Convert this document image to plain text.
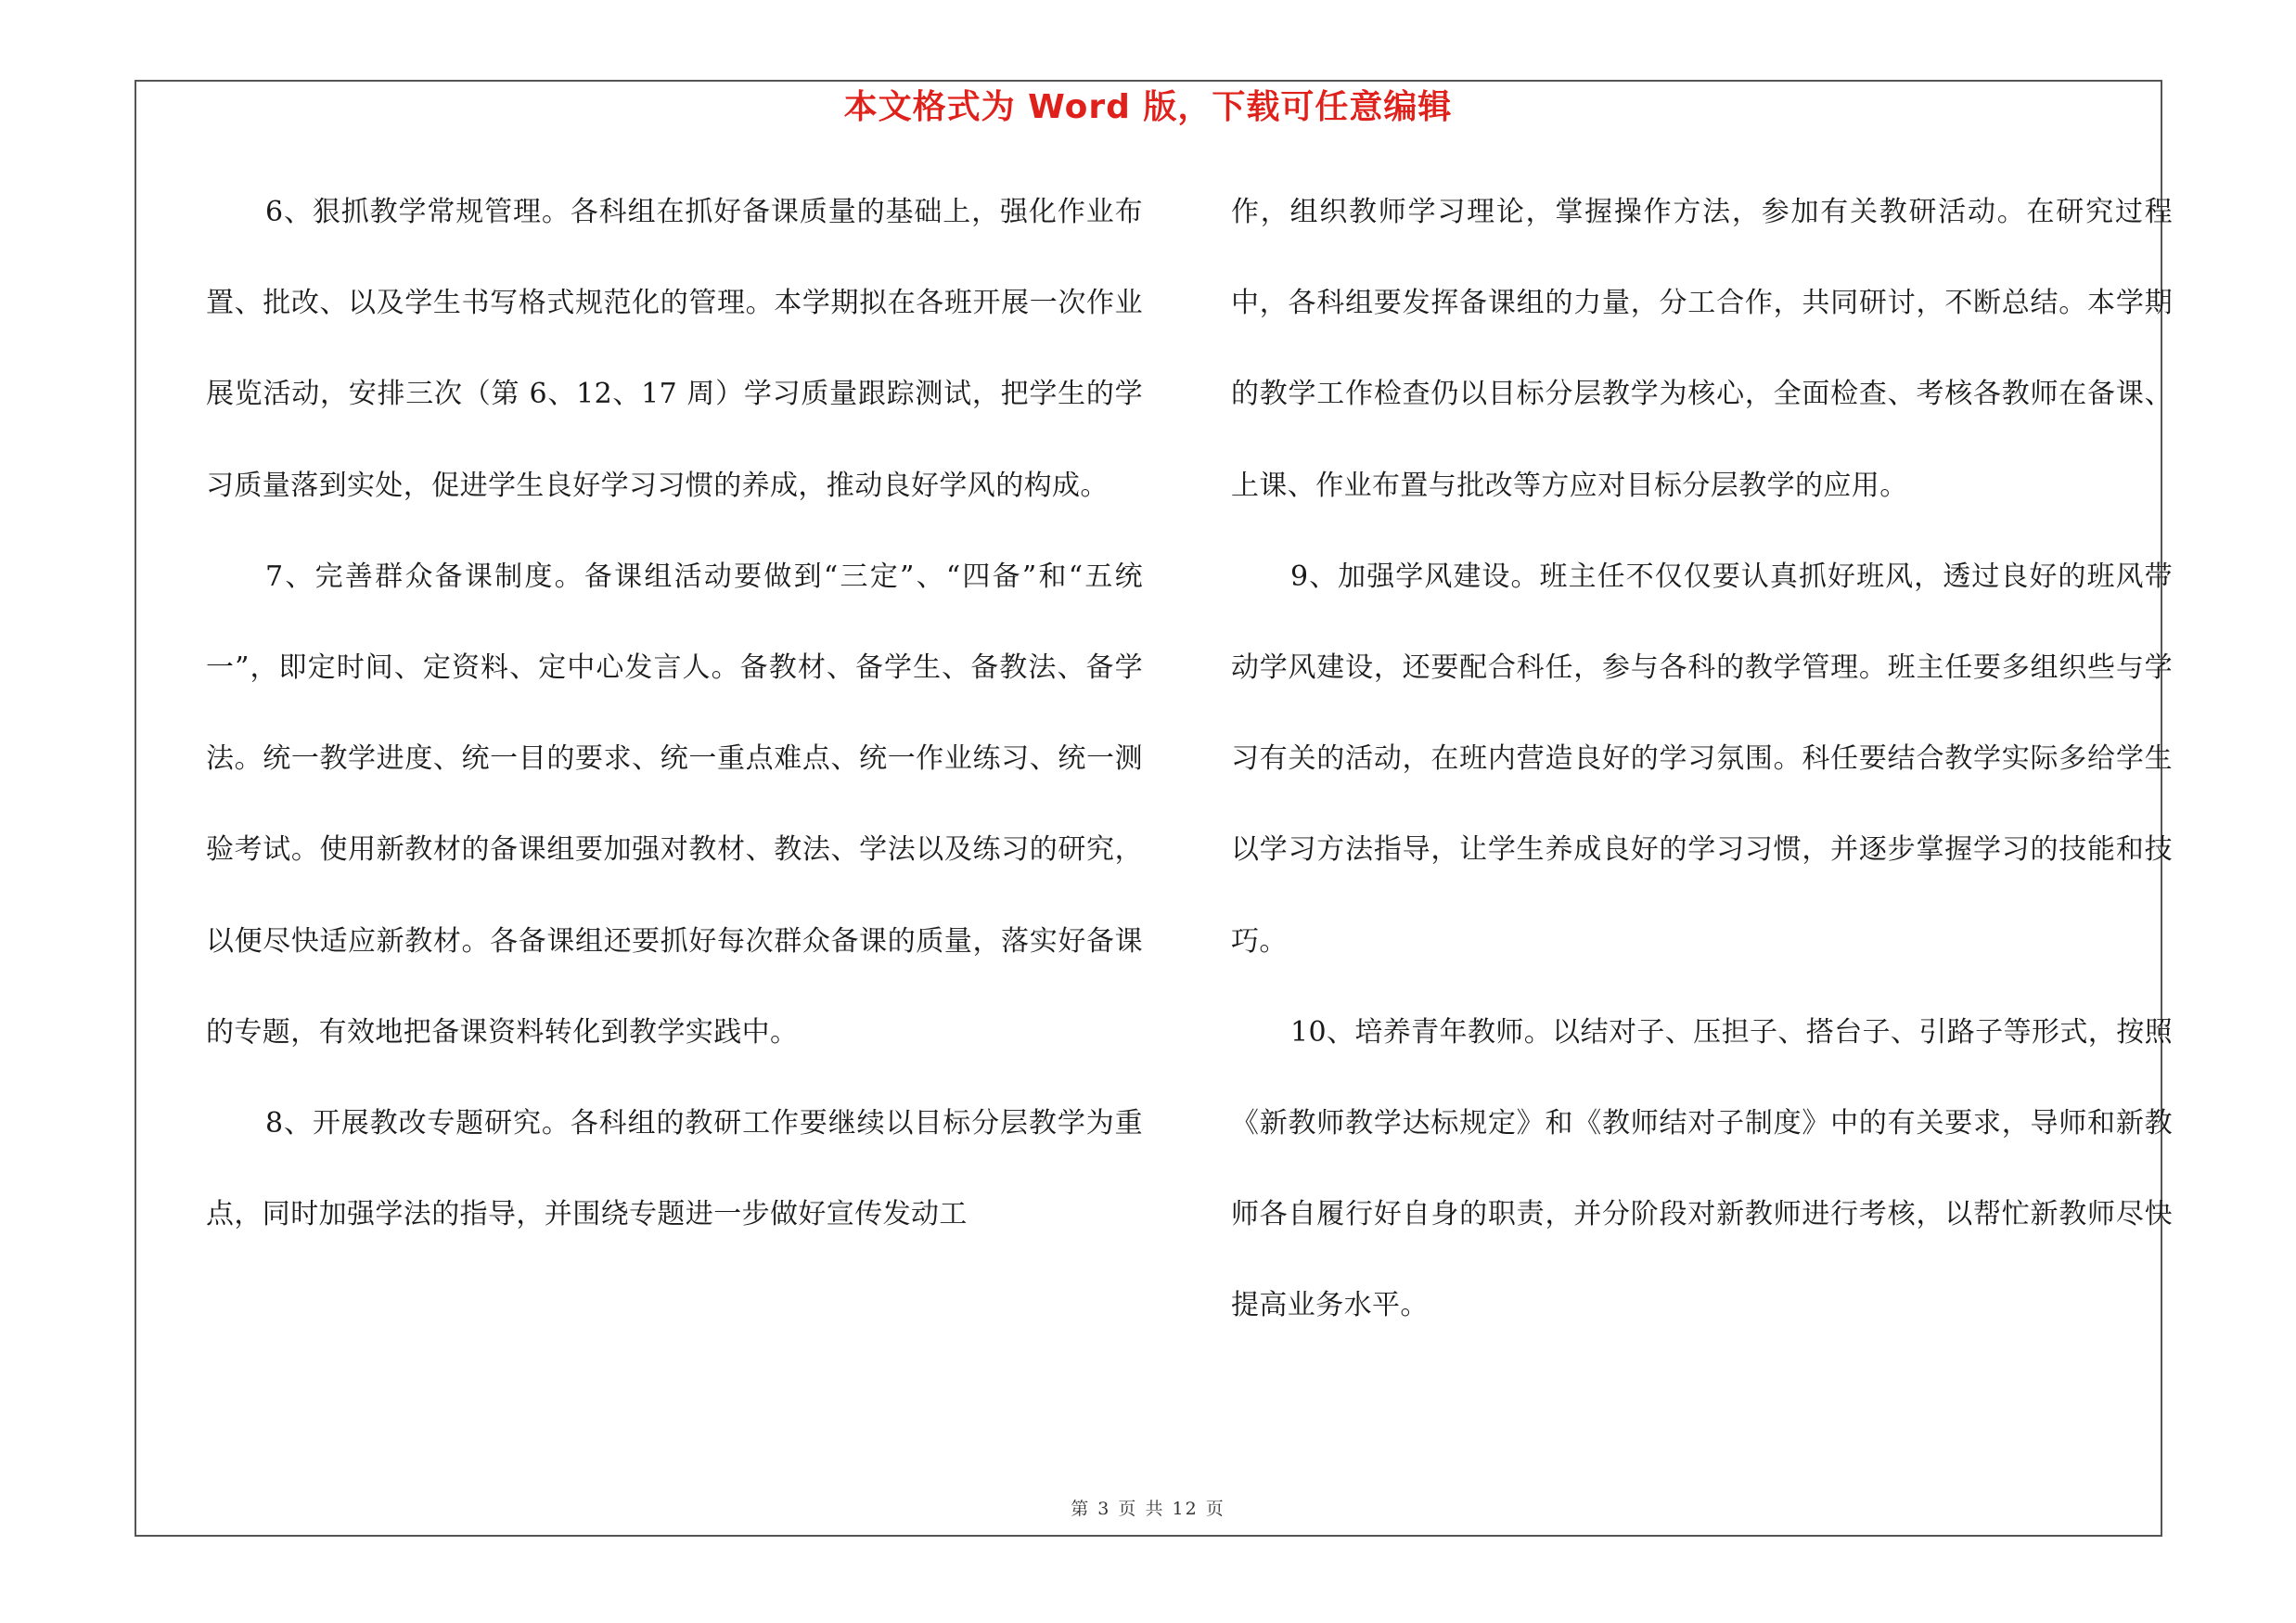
本文格式为 Word 版，下载可任意编辑

6、狠抓教学常规管理。各科组在抓好备课质量的基础上，强化作业布置、批改、以及学生书写格式规范化的管理。本学期拟在各班开展一次作业展览活动，安排三次（第 6、12、17 周）学习质量跟踪测试，把学生的学习质量落到实处，促进学生良好学习习惯的养成，推动良好学风的构成。

7、完善群众备课制度。备课组活动要做到“三定”、“四备”和“五统一”，即定时间、定资料、定中心发言人。备教材、备学生、备教法、备学法。统一教学进度、统一目的要求、统一重点难点、统一作业练习、统一测验考试。使用新教材的备课组要加强对教材、教法、学法以及练习的研究，以便尽快适应新教材。各备课组还要抓好每次群众备课的质量，落实好备课的专题，有效地把备课资料转化到教学实践中。

8、开展教改专题研究。各科组的教研工作要继续以目标分层教学为重点，同时加强学法的指导，并围绕专题进一步做好宣传发动工

作，组织教师学习理论，掌握操作方法，参加有关教研活动。在研究过程中，各科组要发挥备课组的力量，分工合作，共同研讨，不断总结。本学期的教学工作检查仍以目标分层教学为核心，全面检查、考核各教师在备课、上课、作业布置与批改等方应对目标分层教学的应用。

9、加强学风建设。班主任不仅仅要认真抓好班风，透过良好的班风带动学风建设，还要配合科任，参与各科的教学管理。班主任要多组织些与学习有关的活动，在班内营造良好的学习氛围。科任要结合教学实际多给学生以学习方法指导，让学生养成良好的学习习惯，并逐步掌握学习的技能和技巧。

10、培养青年教师。以结对子、压担子、搭台子、引路子等形式，按照《新教师教学达标规定》和《教师结对子制度》中的有关要求，导师和新教师各自履行好自身的职责，并分阶段对新教师进行考核，以帮忙新教师尽快提高业务水平。

第 3 页 共 12 页
